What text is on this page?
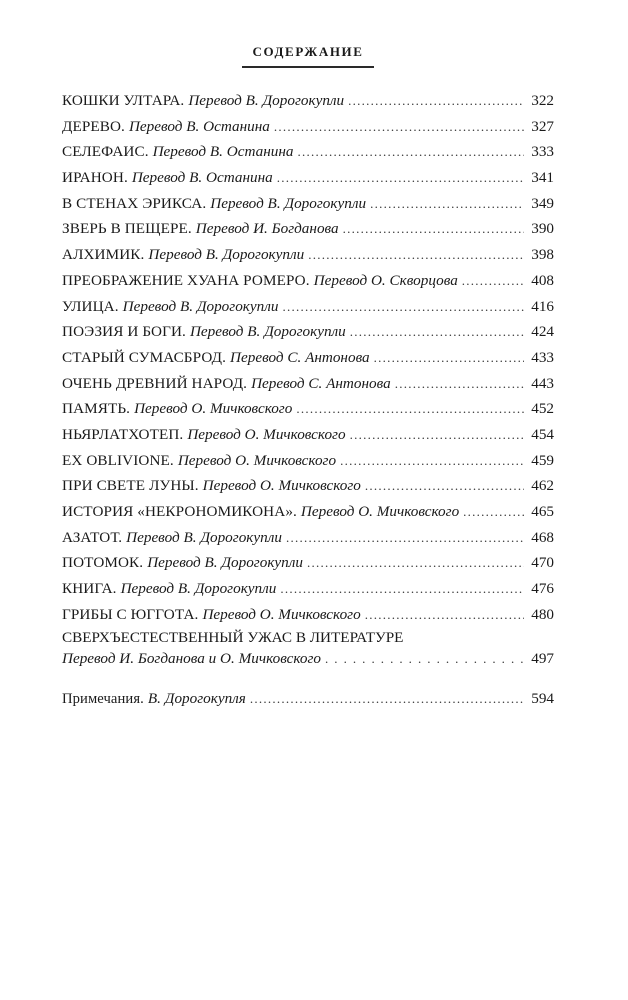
СОДЕРЖАНИЕ
КОШКИ УЛТАРА. Перевод В. Дорогокупли . . .	322
ДЕРЕВО. Перевод В. Останина . . .	327
СЕЛЕФАИС. Перевод В. Останина . . .	333
ИРАНОН. Перевод В. Останина . . .	341
В СТЕНАХ ЭРИКСА. Перевод В. Дорогокупли . . .	349
ЗВЕРЬ В ПЕЩЕРЕ. Перевод И. Богданова . . .	390
АЛХИМИК. Перевод В. Дорогокупли . . .	398
ПРЕОБРАЖЕНИЕ ХУАНА РОМЕРО. Перевод О. Скворцова . . .	408
УЛИЦА. Перевод В. Дорогокупли . . .	416
ПОЭЗИЯ И БОГИ. Перевод В. Дорогокупли . . .	424
СТАРЫЙ СУМАСБРОД. Перевод С. Антонова . . .	433
ОЧЕНЬ ДРЕВНИЙ НАРОД. Перевод С. Антонова . . .	443
ПАМЯТЬ. Перевод О. Мичковского . . .	452
НЬЯРЛАТХОТЕП. Перевод О. Мичковского . . .	454
EX OBLIVIONE. Перевод О. Мичковского . . .	459
ПРИ СВЕТЕ ЛУНЫ. Перевод О. Мичковского . . .	462
ИСТОРИЯ «НЕКРОНОМИКОНА». Перевод О. Мичковского . . .	465
АЗАТОТ. Перевод В. Дорогокупли . . .	468
ПОТОМОК. Перевод В. Дорогокупли . . .	470
КНИГА. Перевод В. Дорогокупли . . .	476
ГРИБЫ С ЮГГОТА. Перевод О. Мичковского . . .	480
СВЕРХЪЕСТЕСТВЕННЫЙ УЖАС В ЛИТЕРАТУРЕ
Перевод И. Богданова и О. Мичковского . . .	497
Примечания. В. Дорогокупля . . .	594
